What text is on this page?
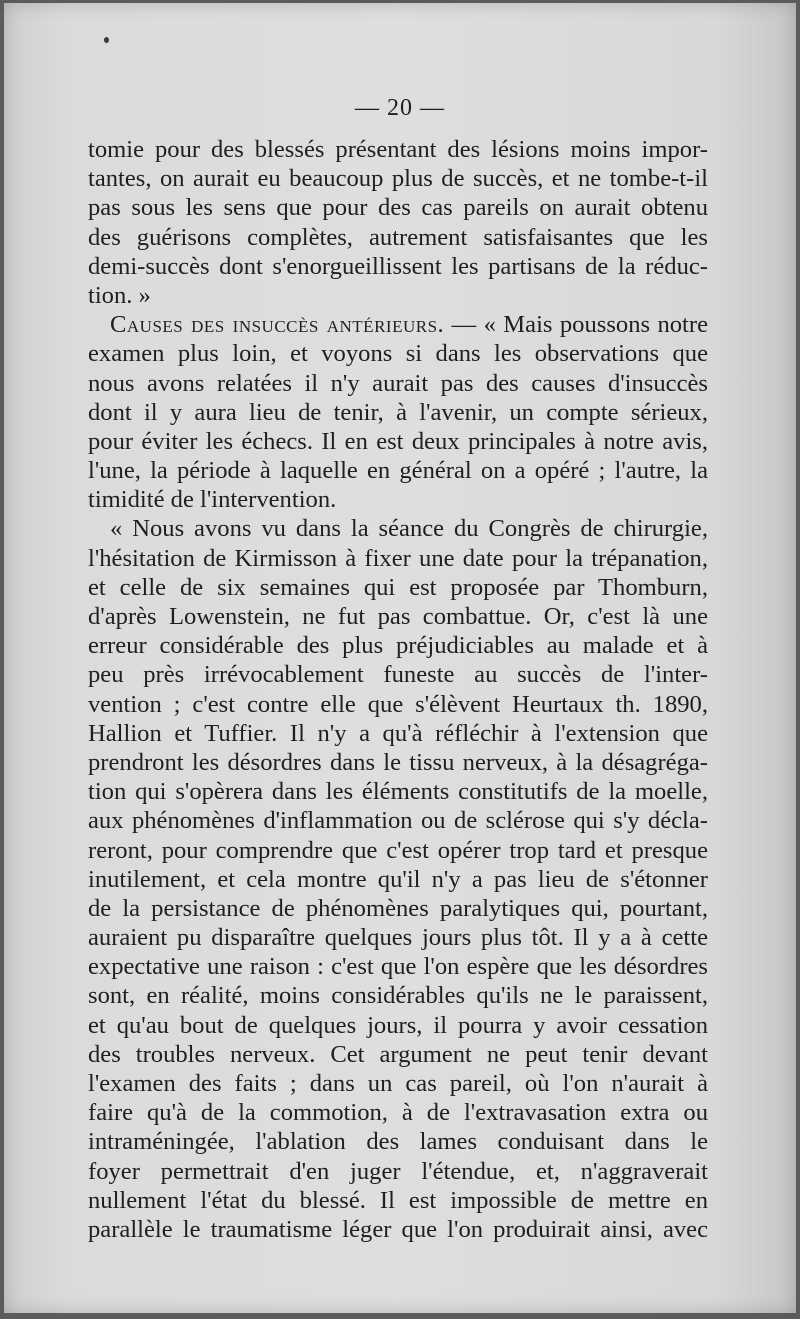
— 20 —
tomie pour des blessés présentant des lésions moins impor-
tantes, on aurait eu beaucoup plus de succès, et ne tombe-t-il
pas sous les sens que pour des cas pareils on aurait obtenu
des guérisons complètes, autrement satisfaisantes que les
demi-succès dont s'enorgueillissent les partisans de la réduc-
tion. »
Causes des insuccès antérieurs. — « Mais poussons notre
examen plus loin, et voyons si dans les observations que
nous avons relatées il n'y aurait pas des causes d'insuccès
dont il y aura lieu de tenir, à l'avenir, un compte sérieux,
pour éviter les échecs. Il en est deux principales à notre avis,
l'une, la période à laquelle en général on a opéré ; l'autre, la
timidité de l'intervention.
« Nous avons vu dans la séance du Congrès de chirurgie,
l'hésitation de Kirmisson à fixer une date pour la trépanation,
et celle de six semaines qui est proposée par Thomburn,
d'après Lowenstein, ne fut pas combattue. Or, c'est là une
erreur considérable des plus préjudiciables au malade et à
peu près irrévocablement funeste au succès de l'inter-
vention ; c'est contre elle que s'élèvent Heurtaux th. 1890,
Hallion et Tuffier. Il n'y a qu'à réfléchir à l'extension que
prendront les désordres dans le tissu nerveux, à la désagréga-
tion qui s'opèrera dans les éléments constitutifs de la moelle,
aux phénomènes d'inflammation ou de sclérose qui s'y décla-
reront, pour comprendre que c'est opérer trop tard et presque
inutilement, et cela montre qu'il n'y a pas lieu de s'étonner
de la persistance de phénomènes paralytiques qui, pourtant,
auraient pu disparaître quelques jours plus tôt. Il y a à cette
expectative une raison : c'est que l'on espère que les désordres
sont, en réalité, moins considérables qu'ils ne le paraissent,
et qu'au bout de quelques jours, il pourra y avoir cessation
des troubles nerveux. Cet argument ne peut tenir devant
l'examen des faits ; dans un cas pareil, où l'on n'aurait à
faire qu'à de la commotion, à de l'extravasation extra ou
intraméningée, l'ablation des lames conduisant dans le
foyer permettrait d'en juger l'étendue, et, n'aggraverait
nullement l'état du blessé. Il est impossible de mettre en
parallèle le traumatisme léger que l'on produirait ainsi, avec
